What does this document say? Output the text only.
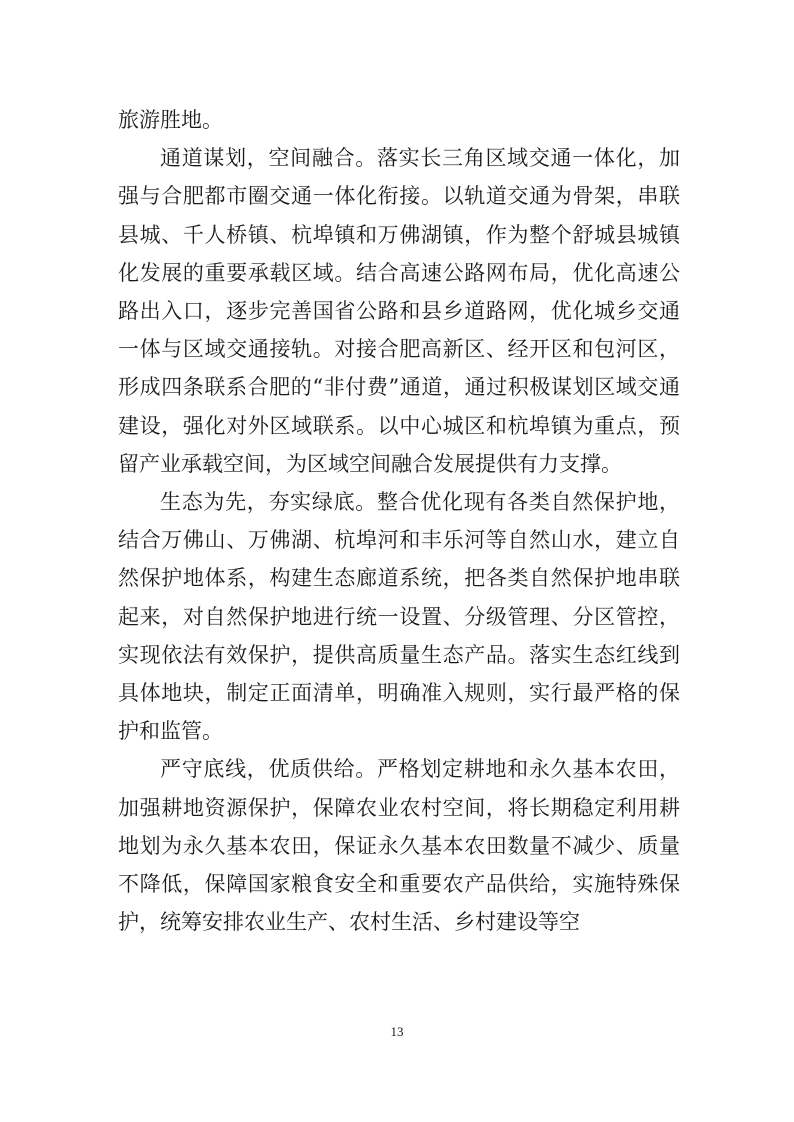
旅游胜地。

通道谋划，空间融合。落实长三角区域交通一体化，加强与合肥都市圈交通一体化衔接。以轨道交通为骨架，串联县城、千人桥镇、杭埠镇和万佛湖镇，作为整个舒城县城镇化发展的重要承载区域。结合高速公路网布局，优化高速公路出入口，逐步完善国省公路和县乡道路网，优化城乡交通一体与区域交通接轨。对接合肥高新区、经开区和包河区，形成四条联系合肥的“非付费”通道，通过积极谋划区域交通建设，强化对外区域联系。以中心城区和杭埠镇为重点，预留产业承载空间，为区域空间融合发展提供有力支撑。

生态为先，夯实绿底。整合优化现有各类自然保护地，结合万佛山、万佛湖、杭埠河和丰乐河等自然山水，建立自然保护地体系，构建生态廊道系统，把各类自然保护地串联起来，对自然保护地进行统一设置、分级管理、分区管控，实现依法有效保护，提供高质量生态产品。落实生态红线到具体地块，制定正面清单，明确准入规则，实行最严格的保护和监管。

严守底线，优质供给。严格划定耕地和永久基本农田，加强耕地资源保护，保障农业农村空间，将长期稳定利用耕地划为永久基本农田，保证永久基本农田数量不减少、质量不降低，保障国家粮食安全和重要农产品供给，实施特殊保护，统筹安排农业生产、农村生活、乡村建设等空

13
